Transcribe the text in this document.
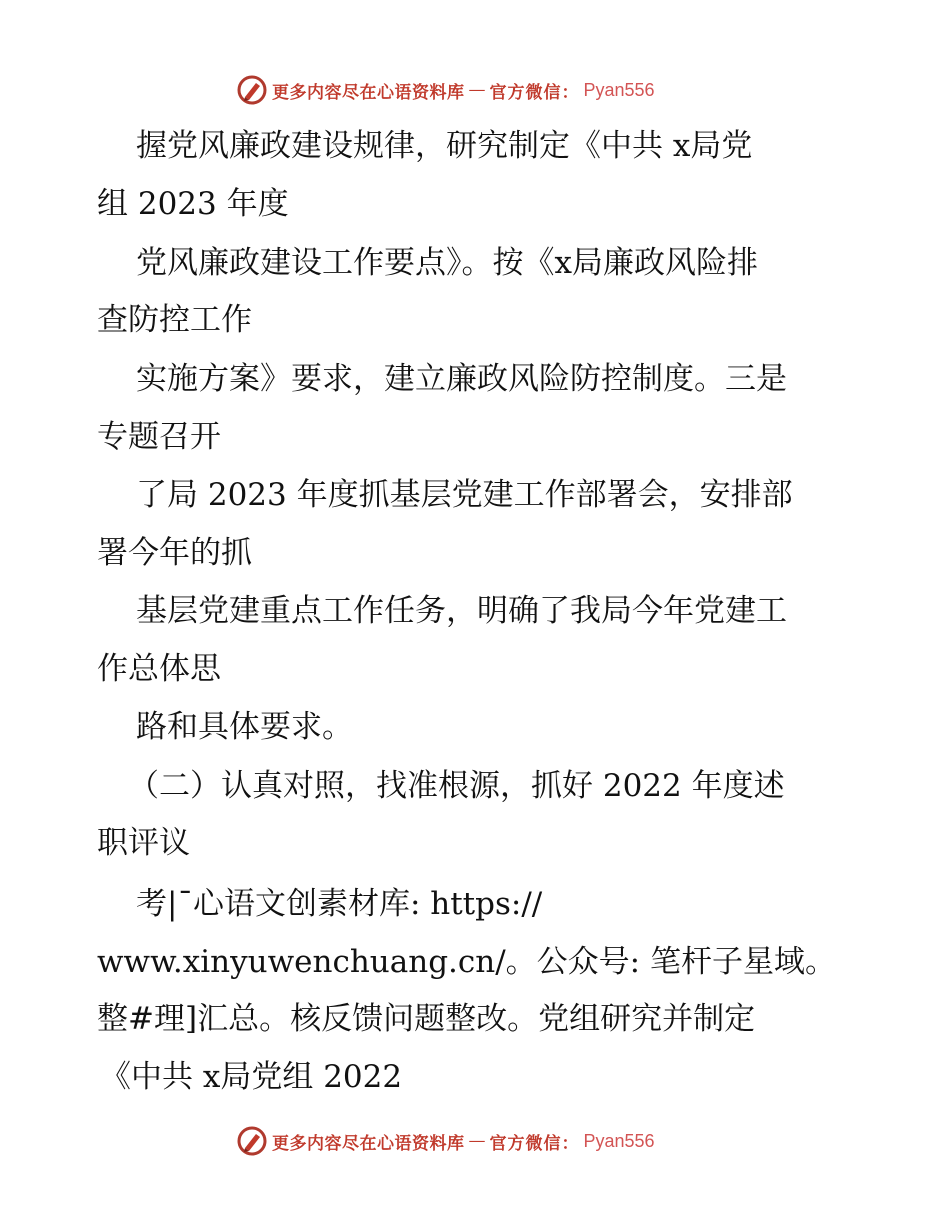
更多内容尽在心语资料库 — 官方微信： Pyan556
握党风廉政建设规律，研究制定《中共 x局党
组 2023 年度
党风廉政建设工作要点》。按《x局廉政风险排
查防控工作
实施方案》要求，建立廉政风险防控制度。三是
专题召开
了局 2023 年度抓基层党建工作部署会，安排部
署今年的抓
基层党建重点工作任务，明确了我局今年党建工
作总体思
路和具体要求。
（二）认真对照，找准根源，抓好 2022 年度述
职评议
考|¯心语文创素材库: https://
www.xinyuwenchuang.cn/。公众号: 笔杆子星域。
整#理]汇总。核反馈问题整改。党组研究并制定
《中共 x局党组 2022
更多内容尽在心语资料库 — 官方微信： Pyan556
